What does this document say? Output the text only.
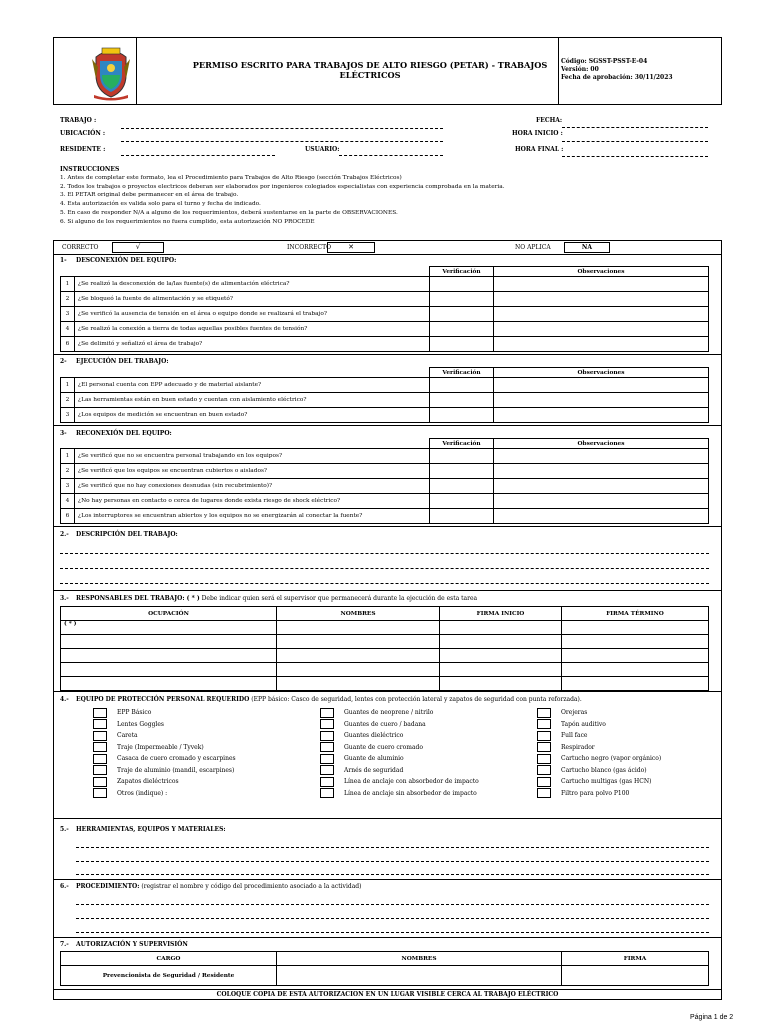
PERMISO ESCRITO PARA TRABAJOS DE ALTO RIESGO (PETAR) - TRABAJOS ELÉCTRICOS
Código: SGSST-PSST-E-04
Versión: 00
Fecha de aprobación: 30/11/2023
TRABAJO :
UBICACIÓN :
RESIDENTE :	USUARIO:
FECHA:
HORA INICIO :
HORA FINAL :
INSTRUCCIONES
1. Antes de completar este formato, lea el Procedimiento para Trabajos de Alto Riesgo (sección Trabajos Eléctricos)
2. Todos los trabajos o proyectos electricos deberan ser elaborados por ingenieros colegiados especialistas con experiencia comprobada en la materia.
3. El PETAR original debe permanecer en el área de trabajo.
4. Esta autorización es valida solo para el turno y fecha de indicado.
5. En caso de responder N/A a alguno de los requerimientos, deberá sustentarse en la parte de OBSERVACIONES.
6. Si alguno de los requerimientos no fuera cumplido, esta autorización NO PROCEDE
CORRECTO	√	INCORRECTO	✕	NO APLICA	NA
1- DESCONEXIÓN DEL EQUIPO:
	Verificación	Observaciones
1 ¿Se realizó la desconexión de la/las fuente(s) de alimentación eléctrica?		
2 ¿Se bloqueó la fuente de alimentación y se etiquetó?		
3 ¿Se verificó la ausencia de tensión en el área o equipo donde se realizará el trabajo?		
4 ¿Se realizó la conexión a tierra de todas aquellas posibles fuentes de tensión?		
6 ¿Se delimitó y señalizó el área de trabajo?		
2- EJECUCIÓN DEL TRABAJO:
	Verificación	Observaciones
1 ¿El personal cuenta con EPP adecuado y de material aislante?		
2 ¿Las herramientas están en buen estado y cuentan con aislamiento eléctrico?		
3 ¿Los equipos de medición se encuentran en buen estado?		
3- RECONEXIÓN DEL EQUIPO:
	Verificación	Observaciones
1 ¿Se verificó que no se encuentra personal trabajando en los equipos?		
2 ¿Se verificó que los equipos se encuentran cubiertos o aislados?		
3 ¿Se verificó que no hay conexiones desnudas (sin recubrimiento)?		
4 ¿No hay personas en contacto o cerca de lugares donde exista riesgo de shock eléctrico?		
6 ¿Los interruptores se encuentran abiertos y los equipos no se energizarán al conectar la fuente?		
2.- DESCRIPCIÓN DEL TRABAJO:
3.- RESPONSABLES DEL TRABAJO: ( * ) Debe indicar quien será el supervisor que permanecerá durante la ejecución de esta tarea
OCUPACIÓN	NOMBRES	FIRMA INICIO	FIRMA TÉRMINO
( * )			

4.- EQUIPO DE PROTECCIÓN PERSONAL REQUERIDO (EPP básico: Casco de seguridad, lentes con protección lateral y zapatos de seguridad con punta reforzada).
EPP Básico
Lentes Goggles
Careta
Traje (Impermeable / Tyvek)
Casaca de cuero cromado y escarpines
Traje de aluminio (mandil, escarpines)
Zapatos dieléctricos
Otros (indique) :
Guantes de neoprene / nitrilo
Guantes de cuero / badana
Guantes dieléctrico
Guante de cuero cromado
Guante de aluminio
Arnés de seguridad
Línea de anclaje con absorbedor de impacto
Línea de anclaje sin absorbedor de impacto
Orejeras
Tapón auditivo
Full face
Respirador
Cartucho negro (vapor orgánico)
Cartucho blanco (gas ácido)
Cartucho multigas (gas HCN)
Filtro para polvo P100
5.- HERRAMIENTAS, EQUIPOS Y MATERIALES:
6.- PROCEDIMIENTO: (registrar el nombre y código del procedimiento asociado a la actividad)
7.- AUTORIZACIÓN Y SUPERVISIÓN
CARGO	NOMBRES	FIRMA
Prevencionista de Seguridad / Residente		
COLOQUE COPIA DE ESTA AUTORIZACION EN UN LUGAR VISIBLE CERCA AL TRABAJO ELÉCTRICO
Página 1 de 2
